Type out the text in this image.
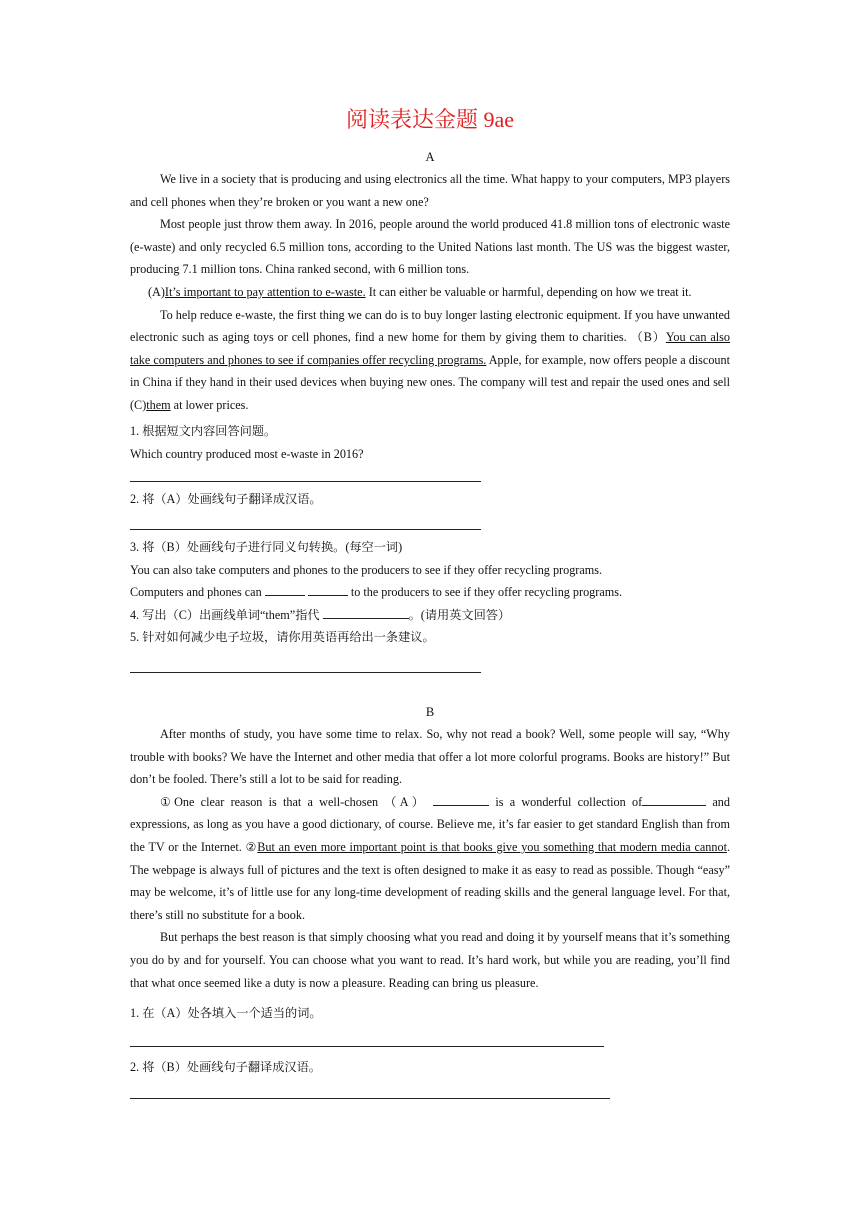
阅读表达金题 9ae
A

We live in a society that is producing and using electronics all the time. What happy to your computers, MP3 players and cell phones when they’re broken or you want a new one?

Most people just throw them away. In 2016, people around the world produced 41.8 million tons of electronic waste (e-waste) and only recycled 6.5 million tons, according to the United Nations last month. The US was the biggest waster, producing 7.1 million tons. China ranked second, with 6 million tons.

(A)It’s important to pay attention to e-waste. It can either be valuable or harmful, depending on how we treat it.

To help reduce e-waste, the first thing we can do is to buy longer lasting electronic equipment. If you have unwanted electronic such as aging toys or cell phones, find a new home for them by giving them to charities. （B）You can also take computers and phones to see if companies offer recycling programs. Apple, for example, now offers people a discount in China if they hand in their used devices when buying new ones. The company will test and repair the used ones and sell (C)them at lower prices.

1. 根据短文内容回答问题。

Which country produced most e-waste in 2016?

2. 将（A）处画线句子翻译成汉语。

3. 将（B）处画线句子进行同义句转换。(每空一词)

You can also take computers and phones to the producers to see if they offer recycling programs.

Computers and phones can	to the producers to see if they offer recycling programs.

4. 写出（C）出画线单词“them”指代	。(请用英文回答）

5. 针对如何减少电子垃圾，请你用英语再给出一条建议。

B

After months of study, you have some time to relax. So, why not read a book? Well, some people will say, “Why trouble with books? We have the Internet and other media that offer a lot more colorful programs. Books are history!” But don’t be fooled. There’s still a lot to be said for reading.

①One clear reason is that a well-chosen （A）	is a wonderful collection of	and expressions, as long as you have a good dictionary, of course. Believe me, it’s far easier to get standard English than from the TV or the Internet. ②But an even more important point is that books give you something that modern media cannot. The webpage is always full of pictures and the text is often designed to make it as easy to read as possible. Though “easy” may be welcome, it’s of little use for any long-time development of reading skills and the general language level. For that, there’s still no substitute for a book.

But perhaps the best reason is that simply choosing what you read and doing it by yourself means that it’s something you do by and for yourself. You can choose what you want to read. It’s hard work, but while you are reading, you’ll find that what once seemed like a duty is now a pleasure. Reading can bring us pleasure.

1. 在（A）处各填入一个适当的词。

2. 将（B）处画线句子翻译成汉语。
